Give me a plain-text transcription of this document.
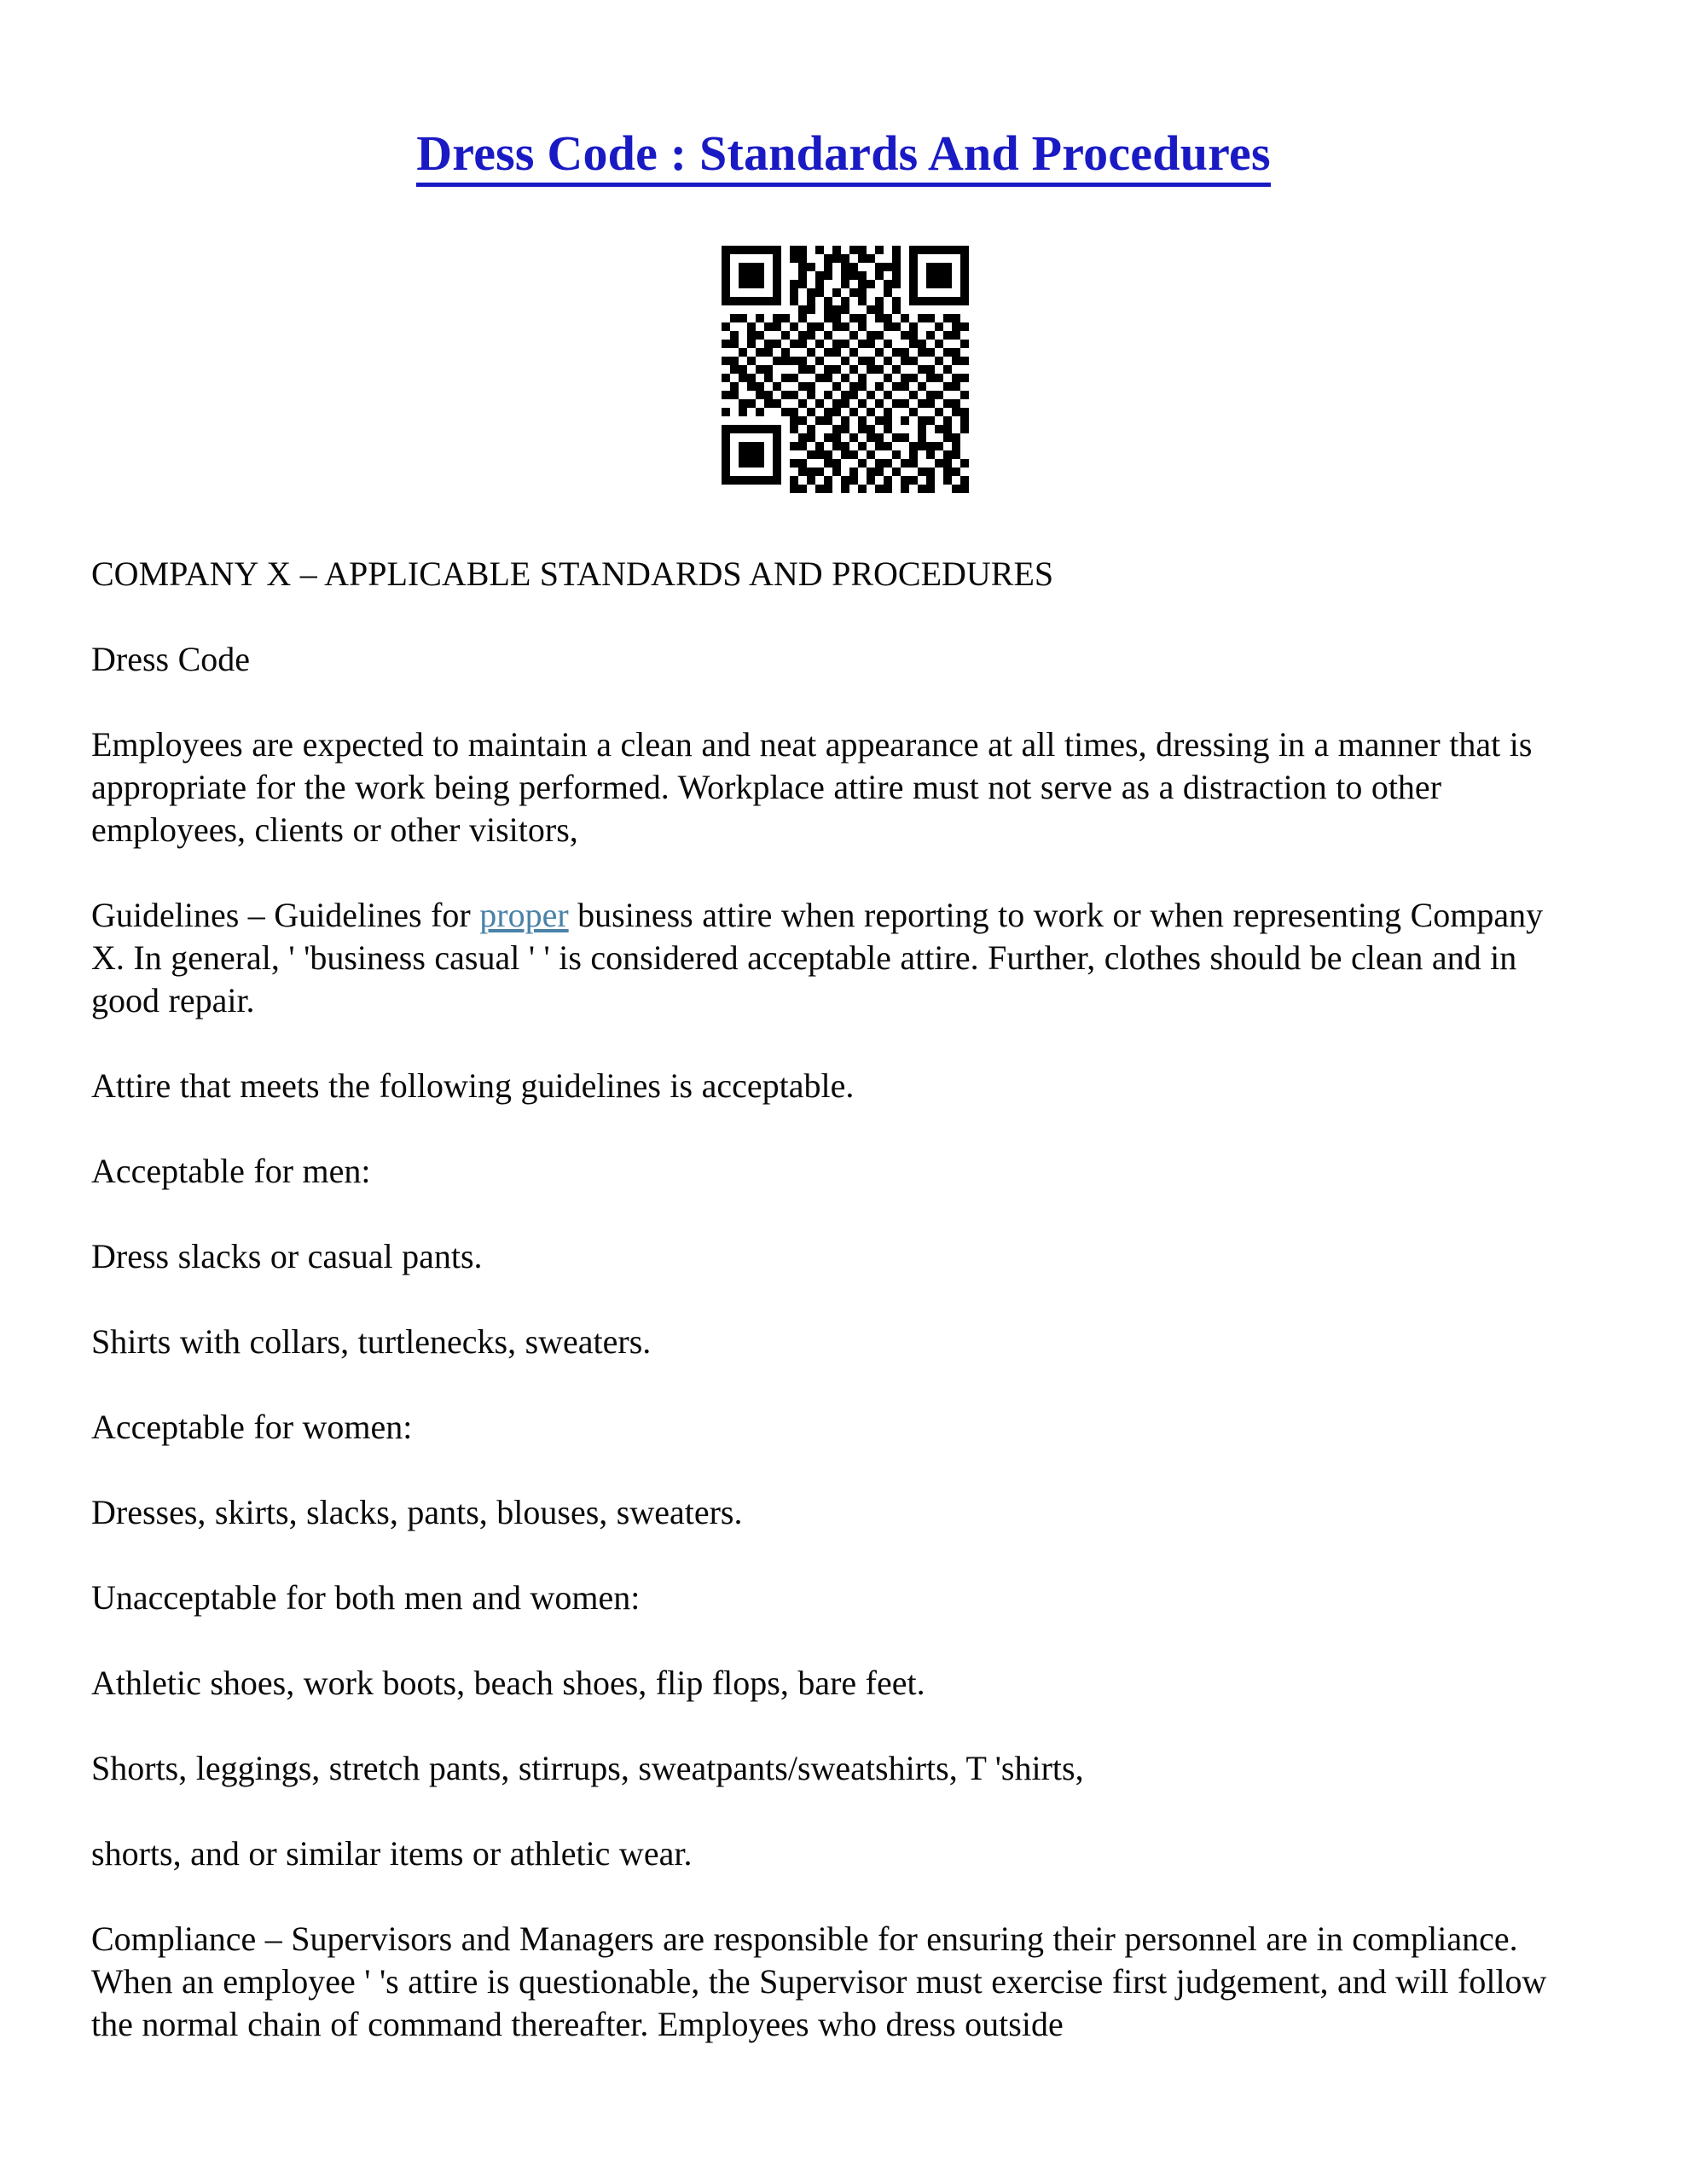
Dress Code : Standards And Procedures

COMPANY X – APPLICABLE STANDARDS AND PROCEDURES

Dress Code

Employees are expected to maintain a clean and neat appearance at all times, dressing in a manner that is appropriate for the work being performed. Workplace attire must not serve as a distraction to other employees, clients or other visitors,

Guidelines – Guidelines for proper business attire when reporting to work or when representing Company X. In general, ' 'business casual ' ' is considered acceptable attire. Further, clothes should be clean and in good repair.

Attire that meets the following guidelines is acceptable.

Acceptable for men:

Dress slacks or casual pants.

Shirts with collars, turtlenecks, sweaters.

Acceptable for women:

Dresses, skirts, slacks, pants, blouses, sweaters.

Unacceptable for both men and women:

Athletic shoes, work boots, beach shoes, flip flops, bare feet.

Shorts, leggings, stretch pants, stirrups, sweatpants/sweatshirts, T 'shirts,

shorts, and or similar items or athletic wear.

Compliance – Supervisors and Managers are responsible for ensuring their personnel are in compliance. When an employee ' 's attire is questionable, the Supervisor must exercise first judgement, and will follow the normal chain of command thereafter. Employees who dress outside
